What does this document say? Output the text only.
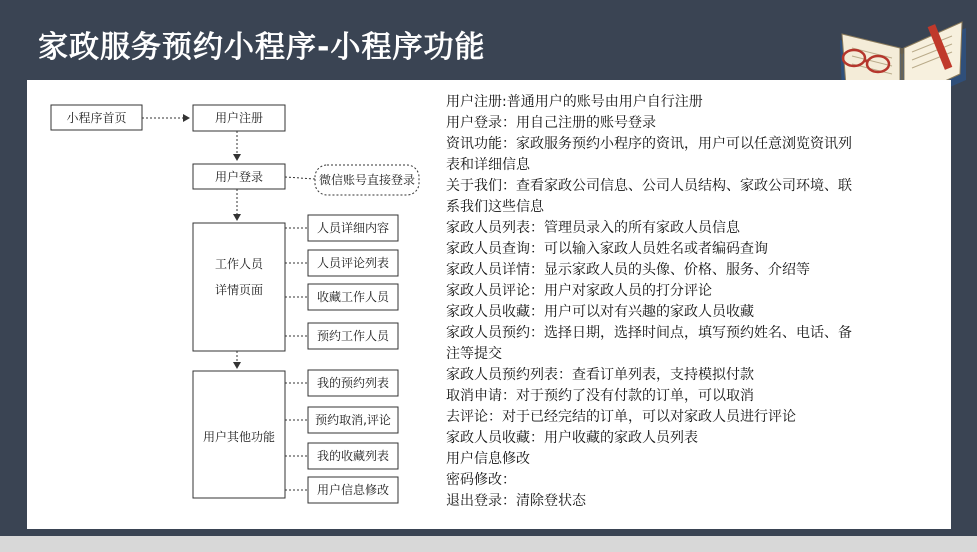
家政服务预约小程序-小程序功能
小程序首页	用户注册
用户登录	微信账号直接登录
工作人员
详情页面
用户其他功能
人员详细内容
人员评论列表
收藏工作人员
预约工作人员
我的预约列表
预约取消,评论
我的收藏列表
用户信息修改
用户注册:普通用户的账号由用户自行注册
用户登录：用自己注册的账号登录
资讯功能：家政服务预约小程序的资讯，用户可以任意浏览资讯列
表和详细信息
关于我们：查看家政公司信息、公司人员结构、家政公司环境、联
系我们这些信息
家政人员列表：管理员录入的所有家政人员信息
家政人员查询：可以输入家政人员姓名或者编码查询
家政人员详情：显示家政人员的头像、价格、服务、介绍等
家政人员评论：用户对家政人员的打分评论
家政人员收藏：用户可以对有兴趣的家政人员收藏
家政人员预约：选择日期，选择时间点，填写预约姓名、电话、备
注等提交
家政人员预约列表：查看订单列表，支持模拟付款
取消申请：对于预约了没有付款的订单，可以取消
去评论：对于已经完结的订单，可以对家政人员进行评论
家政人员收藏：用户收藏的家政人员列表
用户信息修改
密码修改：
退出登录：清除登状态
